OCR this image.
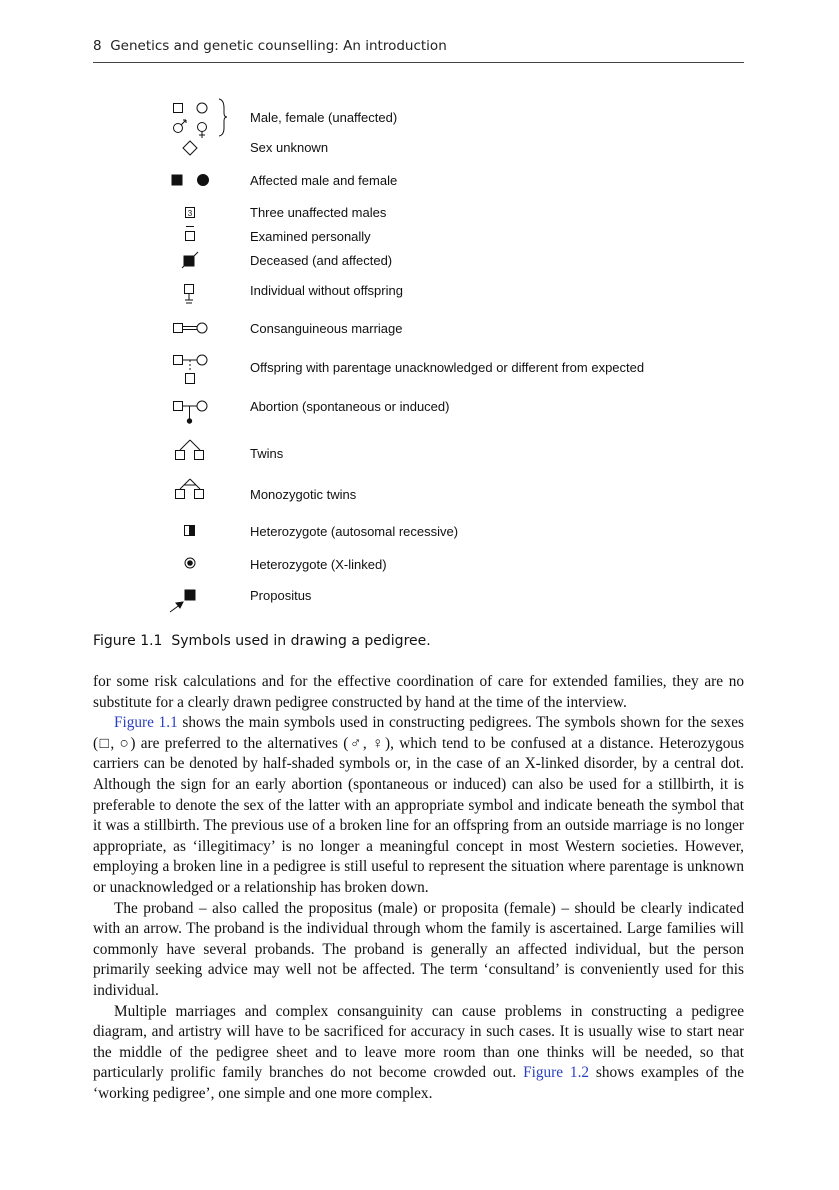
8 Genetics and genetic counselling: An introduction
3
Male, female (unaffected)
Sex unknown
Affected male and female
Three unaffected males
Examined personally
Deceased (and affected)
Individual without offspring
Consanguineous marriage
Offspring with parentage unacknowledged or different from expected
Abortion (spontaneous or induced)
Twins
Monozygotic twins
Heterozygote (autosomal recessive)
Heterozygote (X-linked)
Propositus
Figure 1.1 Symbols used in drawing a pedigree.

for some risk calculations and for the effective coordination of care for extended families, they are no substitute for a clearly drawn pedigree constructed by hand at the time of the interview.

Figure 1.1 shows the main symbols used in constructing pedigrees. The symbols shown for the sexes (□, ○) are preferred to the alternatives (♂, ♀), which tend to be confused at a distance. Heterozygous carriers can be denoted by half-shaded symbols or, in the case of an X-linked disorder, by a central dot. Although the sign for an early abortion (spontaneous or induced) can also be used for a stillbirth, it is preferable to denote the sex of the latter with an appropriate symbol and indicate beneath the symbol that it was a stillbirth. The previous use of a broken line for an offspring from an outside marriage is no longer appropriate, as ‘illegitimacy’ is no longer a meaningful concept in most Western societies. However, employing a broken line in a pedigree is still useful to represent the situation where parentage is unknown or unacknowledged or a relationship has broken down.

The proband – also called the propositus (male) or proposita (female) – should be clearly indicated with an arrow. The proband is the individual through whom the family is ascertained. Large families will commonly have several probands. The proband is generally an affected individual, but the person primarily seeking advice may well not be affected. The term ‘consultand’ is conveniently used for this individual.

Multiple marriages and complex consanguinity can cause problems in constructing a pedigree diagram, and artistry will have to be sacrificed for accuracy in such cases. It is usually wise to start near the middle of the pedigree sheet and to leave more room than one thinks will be needed, so that particularly prolific family branches do not become crowded out. Figure 1.2 shows examples of the ‘working pedigree’, one simple and one more complex.
